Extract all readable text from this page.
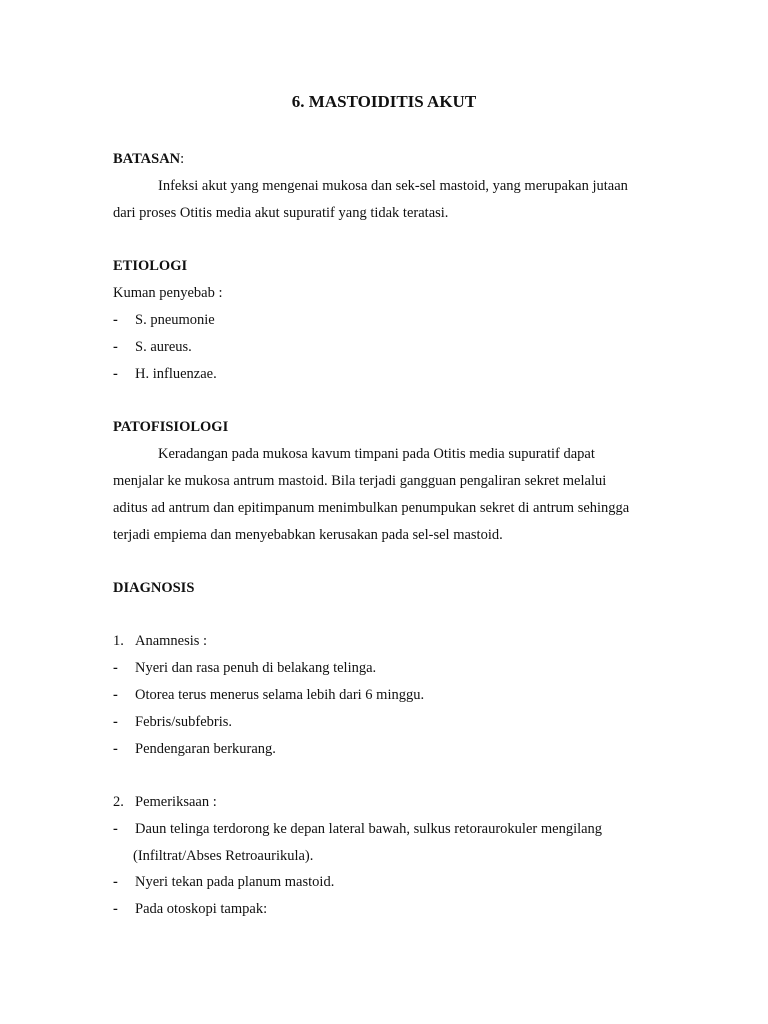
6. MASTOIDITIS AKUT
BATASAN:
Infeksi akut yang mengenai mukosa dan sek-sel mastoid, yang merupakan jutaan
dari proses Otitis media akut supuratif yang tidak teratasi.
ETIOLOGI
Kuman penyebab :
- S. pneumonie
- S. aureus.
- H. influenzae.
PATOFISIOLOGI
Keradangan pada mukosa kavum timpani pada Otitis media supuratif dapat
menjalar ke mukosa antrum mastoid. Bila terjadi gangguan pengaliran sekret melalui
aditus ad antrum dan epitimpanum menimbulkan penumpukan sekret di antrum sehingga
terjadi empiema dan menyebabkan kerusakan pada sel-sel mastoid.
DIAGNOSIS
1. Anamnesis :
- Nyeri dan rasa penuh di belakang telinga.
- Otorea terus menerus selama lebih dari 6 minggu.
- Febris/subfebris.
- Pendengaran berkurang.
2. Pemeriksaan :
- Daun telinga terdorong ke depan lateral bawah, sulkus retoraurokuler mengilang
(Infiltrat/Abses Retroaurikula).
- Nyeri tekan pada planum mastoid.
- Pada otoskopi tampak:
